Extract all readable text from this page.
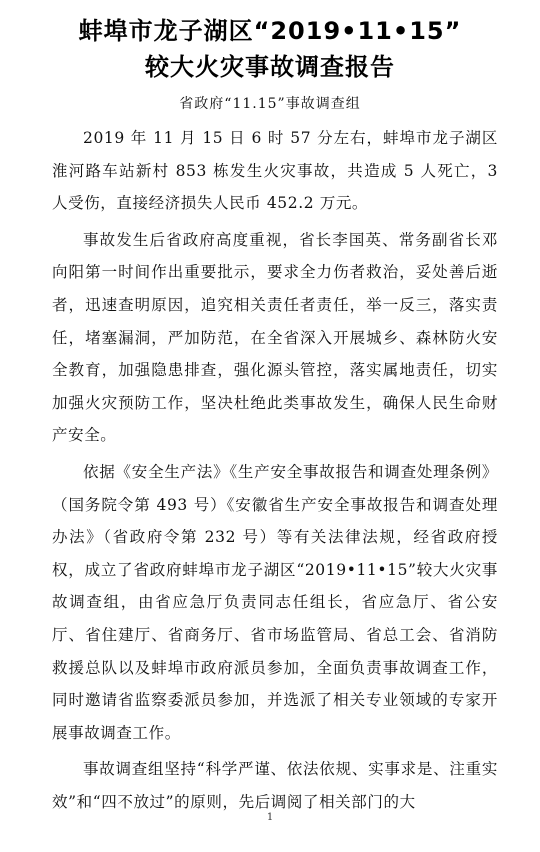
蚌埠市龙子湖区“2019•11•15”
较大火灾事故调查报告
省政府“11.15”事故调查组

2019 年 11 月 15 日 6 时 57 分左右，蚌埠市龙子湖区淮河路车站新村 853 栋发生火灾事故，共造成 5 人死亡，3 人受伤，直接经济损失人民币 452.2 万元。

事故发生后省政府高度重视，省长李国英、常务副省长邓向阳第一时间作出重要批示，要求全力伤者救治，妥处善后逝者，迅速查明原因，追究相关责任者责任，举一反三，落实责任，堵塞漏洞，严加防范，在全省深入开展城乡、森林防火安全教育，加强隐患排查，强化源头管控，落实属地责任，切实加强火灾预防工作，坚决杜绝此类事故发生，确保人民生命财产安全。

依据《安全生产法》《生产安全事故报告和调查处理条例》（国务院令第 493 号）《安徽省生产安全事故报告和调查处理办法》（省政府令第 232 号）等有关法律法规，经省政府授权，成立了省政府蚌埠市龙子湖区“2019•11•15”较大火灾事故调查组，由省应急厅负责同志任组长，省应急厅、省公安厅、省住建厅、省商务厅、省市场监管局、省总工会、省消防救援总队以及蚌埠市政府派员参加，全面负责事故调查工作，同时邀请省监察委派员参加，并选派了相关专业领域的专家开展事故调查工作。

事故调查组坚持“科学严谨、依法依规、实事求是、注重实效”和“四不放过”的原则，先后调阅了相关部门的大

1
